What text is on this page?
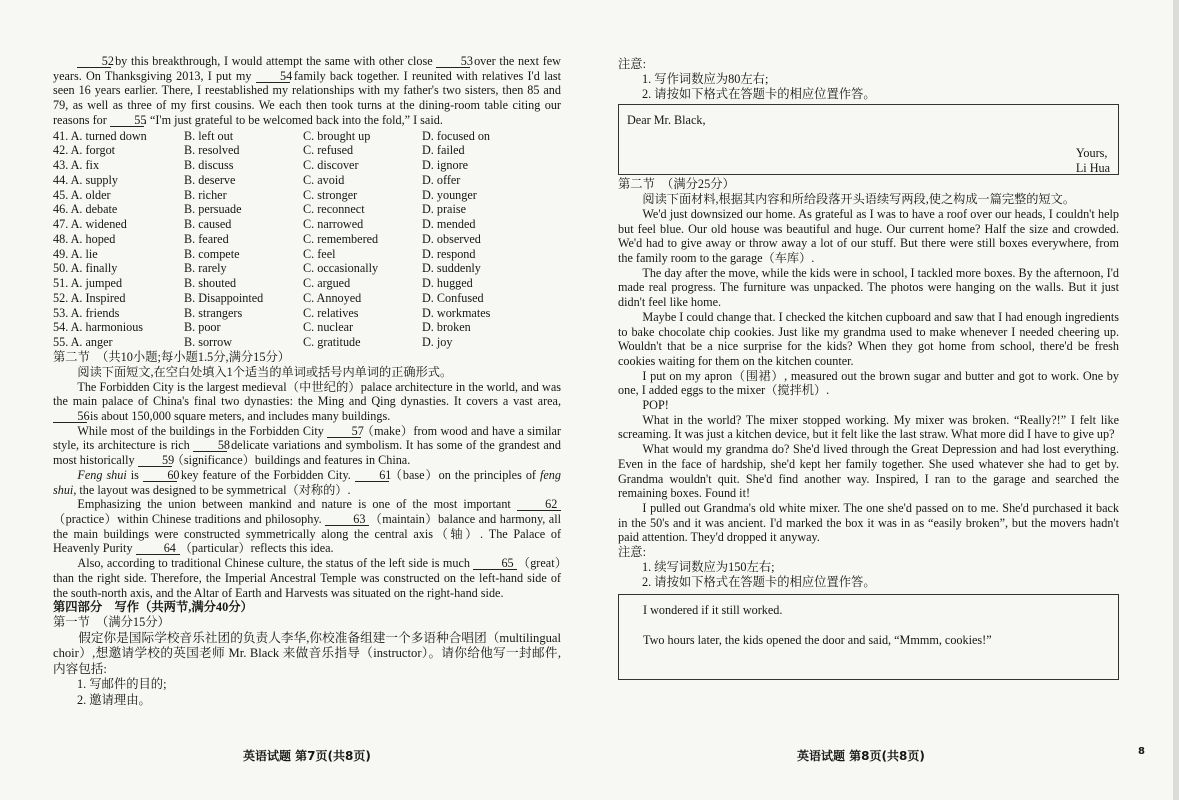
52 by this breakthrough, I would attempt the same with other close 53 over the next few years. On Thanksgiving 2013, I put my 54 family back together. I reunited with relatives I'd last seen 16 years earlier. There, I reestablished my relationships with my father's two sisters, then 85 and 79, as well as three of my first cousins. We each then took turns at the dining-room table citing our reasons for 55. “I'm just grateful to be welcomed back into the fold,” I said.

41. A. turned down	B. left out	C. brought up	D. focused on
42. A. forgot	B. resolved	C. refused	D. failed
43. A. fix	B. discuss	C. discover	D. ignore
44. A. supply	B. deserve	C. avoid	D. offer
45. A. older	B. richer	C. stronger	D. younger
46. A. debate	B. persuade	C. reconnect	D. praise
47. A. widened	B. caused	C. narrowed	D. mended
48. A. hoped	B. feared	C. remembered	D. observed
49. A. lie	B. compete	C. feel	D. respond
50. A. finally	B. rarely	C. occasionally	D. suddenly
51. A. jumped	B. shouted	C. argued	D. hugged
52. A. Inspired	B. Disappointed	C. Annoyed	D. Confused
53. A. friends	B. strangers	C. relatives	D. workmates
54. A. harmonious	B. poor	C. nuclear	D. broken
55. A. anger	B. sorrow	C. gratitude	D. joy

第二节　（共10小题;每小题1.5分,满分15分）

阅读下面短文,在空白处填入1个适当的单词或括号内单词的正确形式。

The Forbidden City is the largest medieval（中世纪的）palace architecture in the world, and was the main palace of China's final two dynasties: the Ming and Qing dynasties. It covers a vast area, 56 is about 150,000 square meters, and includes many buildings.

While most of the buildings in the Forbidden City 57（make）from wood and have a similar style, its architecture is rich 58 delicate variations and symbolism. It has some of the grandest and most historically 59（significance）buildings and features in China.

Feng shui is 60 key feature of the Forbidden City. 61（base）on the principles of feng shui, the layout was designed to be symmetrical（对称的）.

Emphasizing the union between mankind and nature is one of the most important 62（practice）within Chinese traditions and philosophy. 63 （maintain）balance and harmony, all the main buildings were constructed symmetrically along the central axis（轴）. The Palace of Heavenly Purity 64 （particular）reflects this idea.

Also, according to traditional Chinese culture, the status of the left side is much 65 （great）than the right side. Therefore, the Imperial Ancestral Temple was constructed on the left-hand side of the south-north axis, and the Altar of Earth and Harvests was situated on the right-hand side.

第四部分　写作（共两节,满分40分）

第一节　（满分15分）

假定你是国际学校音乐社团的负责人李华,你校准备组建一个多语种合唱团（multilingual choir）,想邀请学校的英国老师 Mr. Black 来做音乐指导（instructor）。请你给他写一封邮件,内容包括:

1. 写邮件的目的;

2. 邀请理由。

英语试题 第7页(共8页)

注意:

1. 写作词数应为80左右;

2. 请按如下格式在答题卡的相应位置作答。

Dear Mr. Black,
Yours,
Li Hua

第二节　（满分25分）

阅读下面材料,根据其内容和所给段落开头语续写两段,使之构成一篇完整的短文。

We'd just downsized our home. As grateful as I was to have a roof over our heads, I couldn't help but feel blue. Our old house was beautiful and huge. Our current home? Half the size and crowded. We'd had to give away or throw away a lot of our stuff. But there were still boxes everywhere, from the family room to the garage（车库）.

The day after the move, while the kids were in school, I tackled more boxes. By the afternoon, I'd made real progress. The furniture was unpacked. The photos were hanging on the walls. But it just didn't feel like home.

Maybe I could change that. I checked the kitchen cupboard and saw that I had enough ingredients to bake chocolate chip cookies. Just like my grandma used to make whenever I needed cheering up. Wouldn't that be a nice surprise for the kids? When they got home from school, there'd be fresh cookies waiting for them on the kitchen counter.

I put on my apron（围裙）, measured out the brown sugar and butter and got to work. One by one, I added eggs to the mixer（搅拌机）.

POP!

What in the world? The mixer stopped working. My mixer was broken. “Really?!” I felt like screaming. It was just a kitchen device, but it felt like the last straw. What more did I have to give up?

What would my grandma do? She'd lived through the Great Depression and had lost everything. Even in the face of hardship, she'd kept her family together. She used whatever she had to get by. Grandma wouldn't quit. She'd find another way. Inspired, I ran to the garage and searched the remaining boxes. Found it!

I pulled out Grandma's old white mixer. The one she'd passed on to me. She'd purchased it back in the 50's and it was ancient. I'd marked the box it was in as “easily broken”, but the movers hadn't paid attention. They'd dropped it anyway.

注意:

1. 续写词数应为150左右;

2. 请按如下格式在答题卡的相应位置作答。

I wondered if it still worked.
Two hours later, the kids opened the door and said, “Mmmm, cookies!”
英语试题 第8页(共8页)	8
